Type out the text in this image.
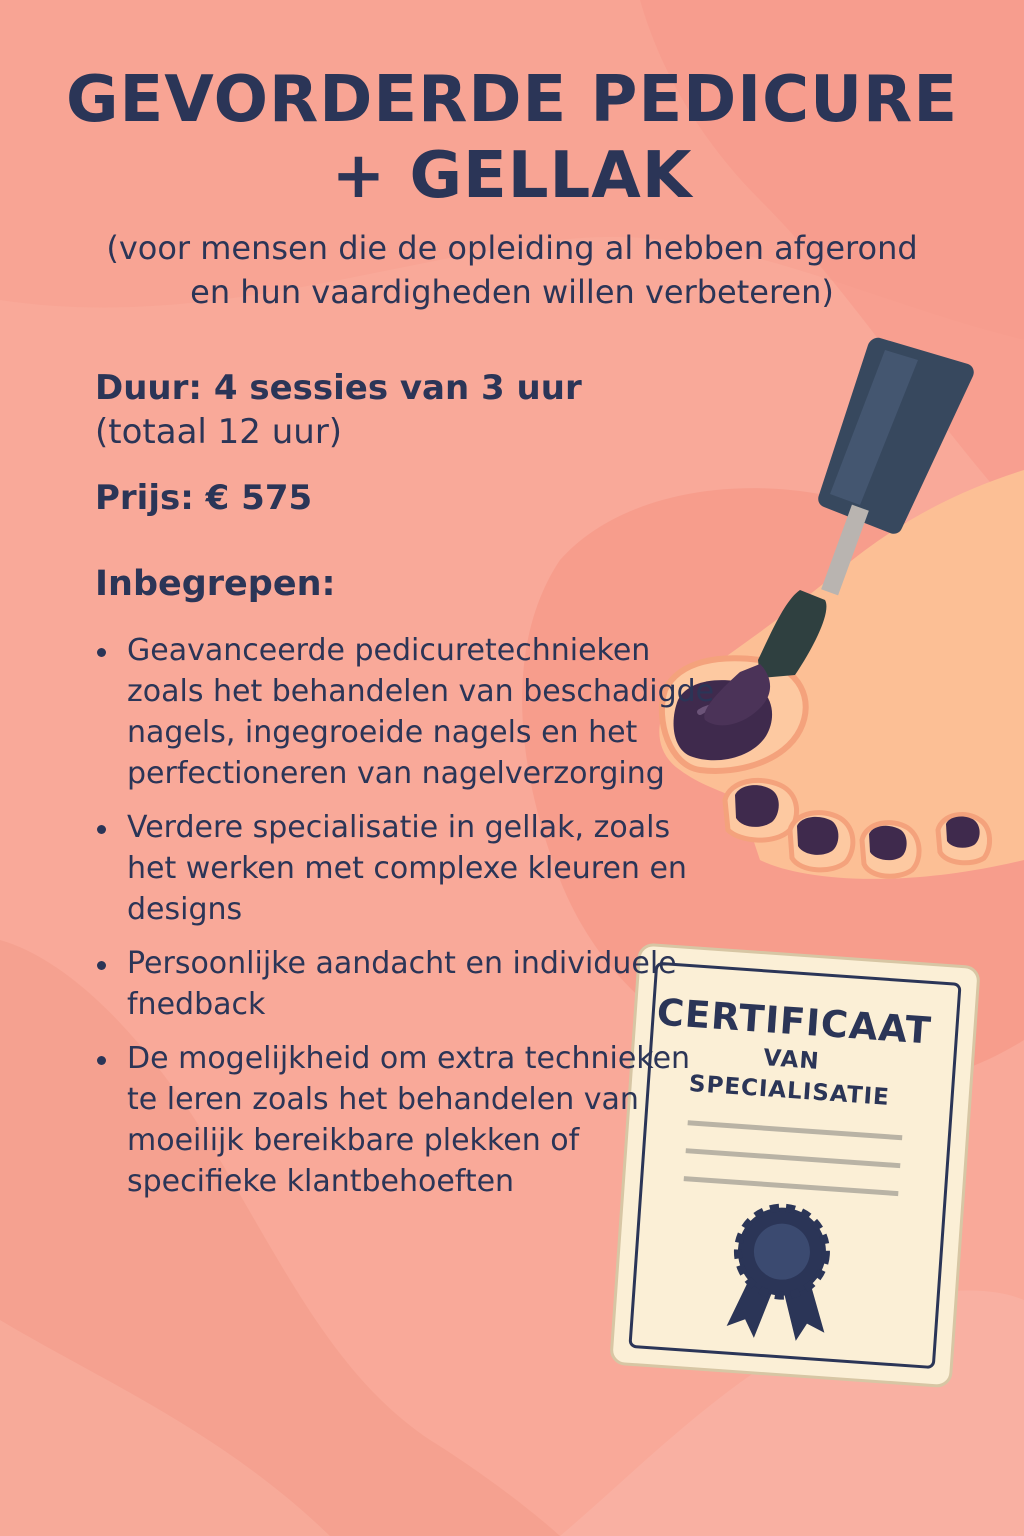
GEVORDERDE PEDICURE
+ GELLAK

(voor mensen die de opleiding al hebben afgerond
en hun vaardigheden willen verbeteren)

Duur: 4 sessies van 3 uur
(totaal 12 uur)

Prijs: € 575

Inbegrepen:

Geavanceerde pedicuretechnieken zoals het behandelen van beschadigde nagels, ingegroeide nagels en het perfectioneren van nagelverzorging
Verdere specialisatie in gellak, zoals het werken met complexe kleuren en designs
Persoonlijke aandacht en individuele fnedback
De mogelijkheid om extra technieken te leren zoals het behandelen van moeilijk bereikbare plekken of specifieke klantbehoeften
CERTIFICAAT
VAN
SPECIALISATIE
